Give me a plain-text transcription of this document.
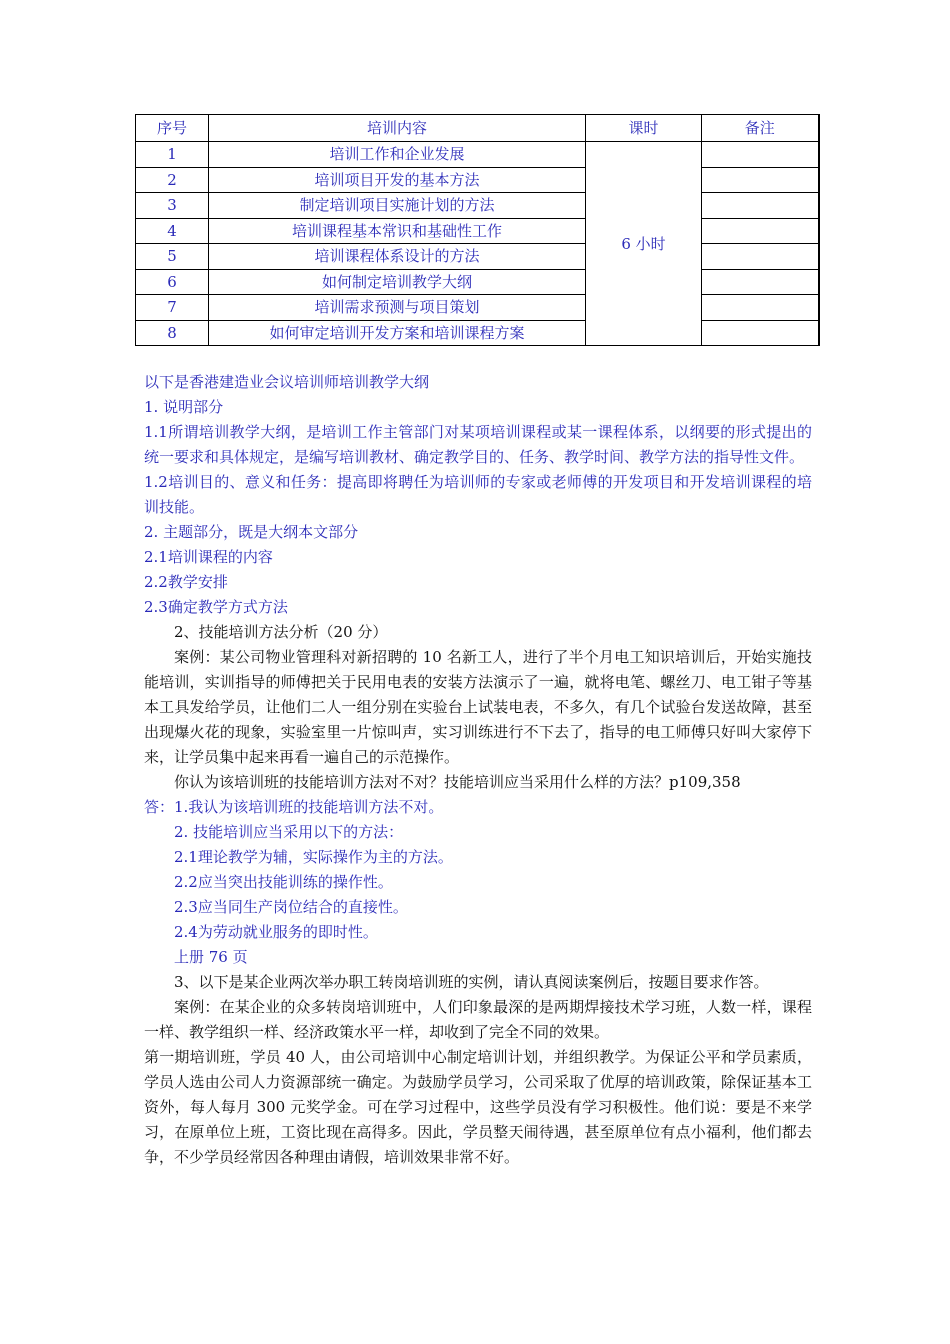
序号	培训内容	课时	备注
1	培训工作和企业发展	6 小时	
2	培训项目开发的基本方法		
3	制定培训项目实施计划的方法		
4	培训课程基本常识和基础性工作		
5	培训课程体系设计的方法		
6	如何制定培训教学大纲		
7	培训需求预测与项目策划		
8	如何审定培训开发方案和培训课程方案		

以下是香港建造业会议培训师培训教学大纲

1. 说明部分

1.1所谓培训教学大纲，是培训工作主管部门对某项培训课程或某一课程体系，以纲要的形式提出的统一要求和具体规定，是编写培训教材、确定教学目的、任务、教学时间、教学方法的指导性文件。

1.2培训目的、意义和任务：提高即将聘任为培训师的专家或老师傅的开发项目和开发培训课程的培训技能。

2. 主题部分，既是大纲本文部分

2.1培训课程的内容

2.2教学安排

2.3确定教学方式方法

2、技能培训方法分析（20 分）

案例：某公司物业管理科对新招聘的 10 名新工人，进行了半个月电工知识培训后，开始实施技能培训，实训指导的师傅把关于民用电表的安装方法演示了一遍，就将电笔、螺丝刀、电工钳子等基本工具发给学员，让他们二人一组分别在实验台上试装电表，不多久，有几个试验台发送故障，甚至出现爆火花的现象，实验室里一片惊叫声，实习训练进行不下去了，指导的电工师傅只好叫大家停下来，让学员集中起来再看一遍自己的示范操作。

你认为该培训班的技能培训方法对不对？技能培训应当采用什么样的方法？p109,358

答：1.我认为该培训班的技能培训方法不对。

2. 技能培训应当采用以下的方法：

2.1理论教学为辅，实际操作为主的方法。

2.2应当突出技能训练的操作性。

2.3应当同生产岗位结合的直接性。

2.4为劳动就业服务的即时性。

上册 76 页

3、以下是某企业两次举办职工转岗培训班的实例，请认真阅读案例后，按题目要求作答。

案例：在某企业的众多转岗培训班中，人们印象最深的是两期焊接技术学习班，人数一样，课程一样、教学组织一样、经济政策水平一样，却收到了完全不同的效果。

第一期培训班，学员 40 人，由公司培训中心制定培训计划，并组织教学。为保证公平和学员素质，学员人选由公司人力资源部统一确定。为鼓励学员学习，公司采取了优厚的培训政策，除保证基本工资外，每人每月 300 元奖学金。可在学习过程中，这些学员没有学习积极性。他们说：要是不来学习，在原单位上班，工资比现在高得多。因此，学员整天闹待遇，甚至原单位有点小福利，他们都去争，不少学员经常因各种理由请假，培训效果非常不好。
